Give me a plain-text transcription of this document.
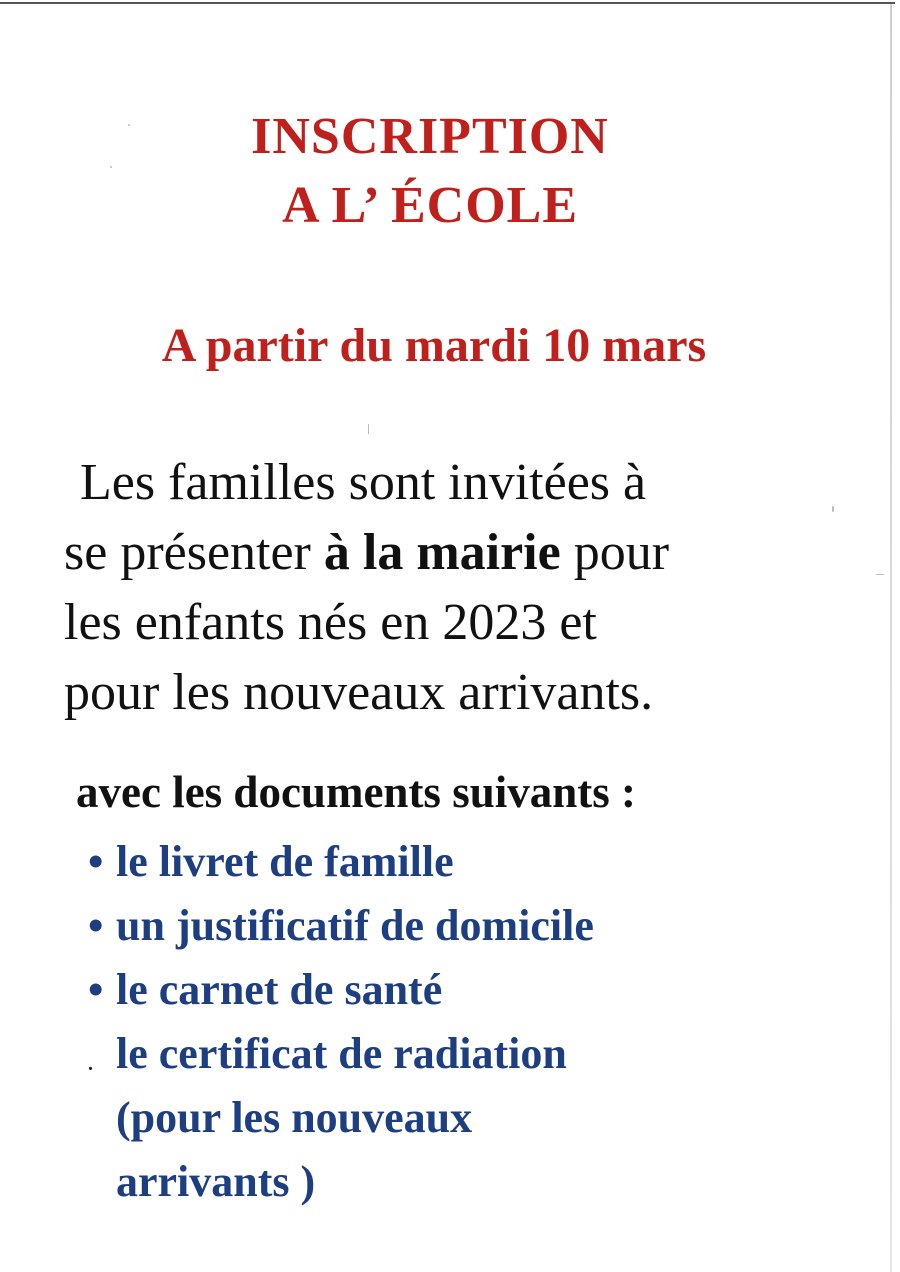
INSCRIPTION
A L’ ÉCOLE
A partir du mardi 10 mars
Les familles sont invitées à
se présenter à la mairie pour
les enfants nés en 2023 et
pour les nouveaux arrivants.
avec les documents suivants :
• le livret de famille
• un justificatif de domicile
• le carnet de santé
. le certificat de radiation
(pour les nouveaux
arrivants )
